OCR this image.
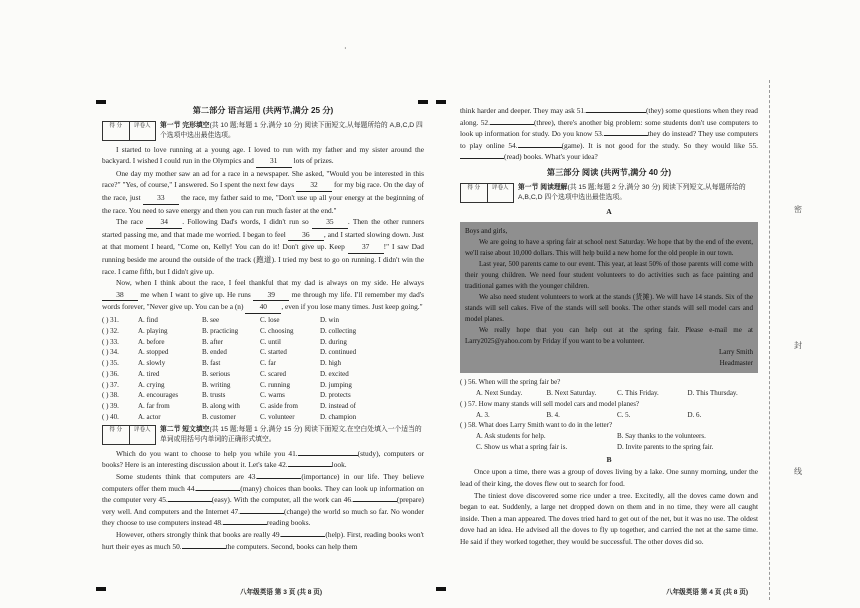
·
第二部分 语言运用 (共两节,满分 25 分)
得 分	评卷人	第一节 完形填空(共 10 题;每题 1 分,满分 10 分) 阅读下面短文,从每题所给的 A,B,C,D 四个选项中选出最佳选项。

I started to love running at a young age. I loved to run with my father and my sister around the backyard. I wished I could run in the Olympics and 31 lots of prizes.

One day my mother saw an ad for a race in a newspaper. She asked, "Would you be interested in this race?" "Yes, of course," I answered. So I spent the next few days 32 for my big race. On the day of the race, just 33 the race, my father said to me, "Don't use up all your energy at the beginning of the race. You need to save energy and then you can run much faster at the end."

The race 34 . Following Dad's words, I didn't run so 35 . Then the other runners started passing me, and that made me worried. I began to feel 36 , and I started slowing down. Just at that moment I heard, "Come on, Kelly! You can do it! Don't give up. Keep 37 !" I saw Dad running beside me around the outside of the track (跑道). I tried my best to go on running. I didn't win the race. I came fifth, but I didn't give up.

Now, when I think about the race, I feel thankful that my dad is always on my side. He always 38 me when I want to give up. He runs 39 me through my life. I'll remember my dad's words forever, "Never give up. You can be a (n) 40 , even if you lose many times. Just keep going."

( ) 31.	A. find	B. see	C. lose	D. win
( ) 32.	A. playing	B. practicing	C. choosing	D. collecting
( ) 33.	A. before	B. after	C. until	D. during
( ) 34.	A. stopped	B. ended	C. started	D. continued
( ) 35.	A. slowly	B. fast	C. far	D. high
( ) 36.	A. tired	B. serious	C. scared	D. excited
( ) 37.	A. crying	B. writing	C. running	D. jumping
( ) 38.	A. encourages	B. trusts	C. warns	D. protects
( ) 39.	A. far from	B. along with	C. aside from	D. instead of
( ) 40.	A. actor	B. customer	C. volunteer	D. champion
得 分	评卷人	第二节 短文填空(共 15 题;每题 1 分,满分 15 分) 阅读下面短文,在空白处填入一个适当的单词或用括号内单词的正确形式填空。

Which do you want to choose to help you while you 41.	(study), computers or books? Here is an interesting discussion about it. Let's take 42.	look.

Some students think that computers are 43.	(importance) in our life. They believe computers offer them much 44.	(many) choices than books. They can look up information on the computer very 45.	(easy). With the computer, all the work can 46.	(prepare) very well. And computers and the Internet 47.	(change) the world so much so far. No wonder they choose to use computers instead 48.	reading books.

However, others strongly think that books are really 49.	(help). First, reading books won't hurt their eyes as much 50.	the computers. Second, books can help them

think harder and deeper. They may ask 51.	(they) some questions when they read along. 52.	(three), there's another big problem: some students don't use computers to look up information for study. Do you know 53.	they do instead? They use computers to play online 54.	(game). It is not good for the study. So they would like 55.(read) books. What's your idea?

第三部分 阅读 (共两节,满分 40 分)
得 分	评卷人	第一节 阅读理解(共 15 题;每题 2 分,满分 30 分) 阅读下列短文,从每题所给的 A,B,C,D 四个选项中选出最佳选项。
A

Boys and girls,

We are going to have a spring fair at school next Saturday. We hope that by the end of the event, we'll raise about 10,000 dollars. This will help build a new home for the old people in our town.

Last year, 500 parents came to our event. This year, at least 50% of those parents will come with their young children. We need four student volunteers to do activities such as face painting and traditional games with the younger children.

We also need student volunteers to work at the stands (货摊). We will have 14 stands. Six of the stands will sell cakes. Five of the stands will sell books. The other stands will sell model cars and model planes.

We really hope that you can help out at the spring fair. Please e-mail me at Larry2025@yahoo.com by Friday if you want to be a volunteer.

Larry Smith
Headmaster
( ) 56. When will the spring fair be?
A. Next Sunday.	B. Next Saturday.	C. This Friday.	D. This Thursday.
( ) 57. How many stands will sell model cars and model planes?
A. 3.	B. 4.	C. 5.	D. 6.
( ) 58. What does Larry Smith want to do in the letter?
A. Ask students for help.	B. Say thanks to the volunteers.
C. Show us what a spring fair is.	D. Invite parents to the spring fair.
B

Once upon a time, there was a group of doves living by a lake. One sunny morning, under the lead of their king, the doves flew out to search for food.

The tiniest dove discovered some rice under a tree. Excitedly, all the doves came down and began to eat. Suddenly, a large net dropped down on them and in no time, they were all caught inside. Then a man appeared. The doves tried hard to get out of the net, but it was no use. The oldest dove had an idea. He advised all the doves to fly up together, and carried the net at the same time. He said if they worked together, they would be successful. The other doves did so.

八年级英语 第 3 页 (共 8 页)	八年级英语 第 4 页 (共 8 页)
密
封
线
